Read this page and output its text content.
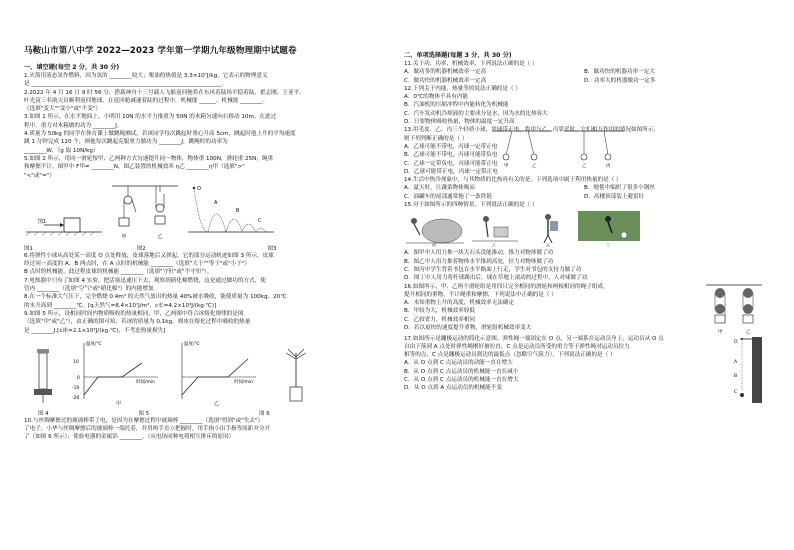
马鞍山市第八中学 2022—2023 学年第一学期九年级物理期中试题卷
一、填空题(每空 2 分，共 30 分)
1.火箭用液态氢作燃料，因为氢的 ________较大；柴油的热值是 3.3×10⁷J/kg，它表示的物理意义
是 ____________________________________________________________________。
2.2022 年 4 月 16 日 9 时 56 分，搭载神舟十三号载人飞船返回舱将在东风着陆场平稳着陆，翟志刚、王亚平、
叶光富三名航天员顺利返回地球。在返回舱减速着陆的过程中，机械能 ______，机械能 ________。
（选填"变大""变小"或"不变"）
3.如图 1 所示，在水平地面上，小明用 10N 的水平力推重为 50N 的木箱匀速向右移动 10m。在此过
程中，重力对木箱做的功为 ________J。
4.质量为 50kg 的同学在体育课上做跳绳测试，若该同学每次跳起时重心升高 5cm，跳起时他上升的平均速度
跳 1 分钟完成 120 个，则他每次跳起克服重力做功为 ________J，跳绳时的功率为
________W，（g 取 10N/kg）
5.如图 2 所示，用同一滑轮按甲、乙两种方式匀速提升同一物体，物体重 100N，滑轮重 25N，绳重
和摩擦不计。图甲中 F甲= ________N，图乙装置的机械效率 η乙 ________η甲（选填">"
"<"或"="）
图1
甲	乙
O
A
B
C
图1	图2	图3
6.将弹性小球从高处某一高度 O 点处释放，皮球落地后又弹起，它的部分运动轨迹如图 3 所示，皮球
经过同一高度的 A、B 两点时，在 A 点时的机械能 ________（选填"大于""等于"或"小于"）
B 点时的机械能，此过程皮球的机械能 ________（选填"守恒"或"不守恒"）。
7.电热器中只有了如图 4 实验。把活塞迅速压下去，观察到硝化棉燃烧，这是通过做功的方式，使
管内 ________（选填"空气"或"硝化棉"）的内能增加。
8.在一个标准大气压下，完全燃烧 0.4m³ 的天然气放出的热量 40%被水吸收，能使质量为 100kg、20℃
的水升高到 ________℃。[q天然气=8.4×10⁷J/m³，c水=4.2×10³J/(kg·℃)]
9.如图 5 所示，设相同时间内物质吸收的热量相同，甲、乙两图中符合冰熔化规律的是图
（选填"甲"或"乙"），由正确的图可知，若冰的质量为 0.1kg，则冰在熔化过程中吸收的热量
是 ________J.[c冰=2.1×10³J/(kg·℃)，不考虑热量损失]
温度/℃
时间/min
10
0
-10
-20
甲
温度/℃
时间/min
乙
图 4	图 5	图 6
10.与丝绸摩擦过的玻璃棒带了电，是因为在摩擦过程中玻璃棒 ________（选填"得到"或"失去"）
了电子。小华与丝绸摩擦后的玻璃棒一端托着，并用两手直立把握时，用手指小出手指等间距并分开
了（如图 6 所示），使验电器的金属箔 ________。（从电场同种电荷相互排斥的原因）
二、单项选择题(每题 3 分，共 30 分)
11.关于功、功率、机械效率，下列说法正确的是（ ）
A．做功多的机器机械效率一定高	B．做功快的机器功率一定大
C．做功快的机器机械效率一定高	D．功率大的机器做功一定多
12.下列关于内能、热量等的说法正确的是（ ）
A．0℃的物体不具有内能
B．汽油机的压缩冲程中内能转化为机械能
C．汽车发动机冷却液的主要成分是水，因为水的比热容大
D．只要物体吸收热量，物体的温度一定升高
13.用毛皮、乙、丙三个轻质小球，甲球带正电，将甲与乙、丙靠近时，它们相互作用的情况如图所示，
则下列判断正确的是（ ）
A．乙球可能不带电，丙球一定带正电
B．乙球可能不带电，丙球可能带负电
C．乙球一定带负电，丙球可能带正电
D．乙球可能带正电，丙球一定带正电
甲	乙	乙	丙
14.生活中热冷现象中，与其物质的比热容有关的是，下列选项中属于利用热量的是（ ）
A．夏天时，让蔬菜物体吸凉	B．地毯中编织了很多小钢丝
C．油罐车的尾部通常拖了一条铁链	D．高楼顶部装上避雷针
15.对于如图所示的四种情景，下列说法正确的是（ ）
甲	乙	丙	丁
A．图甲中人用力推一块大石头没能推动，推力对物体做了功
B．图乙中人用力推着物体水平推到高处，拉力对物体做了功
C．图丙中学生背着书包在水平路面上行走，学生对书包的支持力做了功
D．图丁中人用力将杆球踢出后，球在草地上滚动的过程中，人对球做了功
16.如图所示，甲、乙两个滑轮组是用四只完全相同的滑轮和两根相同的绳子组成，
提升相同的重物，不计绳重和摩擦，下列说法中正确的是（ ）
A．未知重物上升的高度，机械效率无法确定
B．甲较为大，机械效率较低
C．乙较省力，机械效率相同
D．若以更快的速度提升重物，滑轮组机械效率变大
甲	乙
17.如图所示是蹦极运动的简化示意图。弹性绳一端固定在 O 点，另一端系在运动员身上，运动员从 O 点
自由下落到 A 点处时弹性绳刚好被拉直，C 点是运动员所受的重力等于弹性绳对运动员拉力
相等的点，C 点是蹦极运动员到达的最低点（忽略空气阻力），下列说法正确的是（ ）
A．从 O 点到 C 点运动员的动能一直在增大
B．从 O 点到 C 点运动员的机械能一直在减小
C．从 O 点到 C 点运动员的机械能一直在增大
D．从 O 点到 A 点运动员的机械能不变
O
A
B
C
